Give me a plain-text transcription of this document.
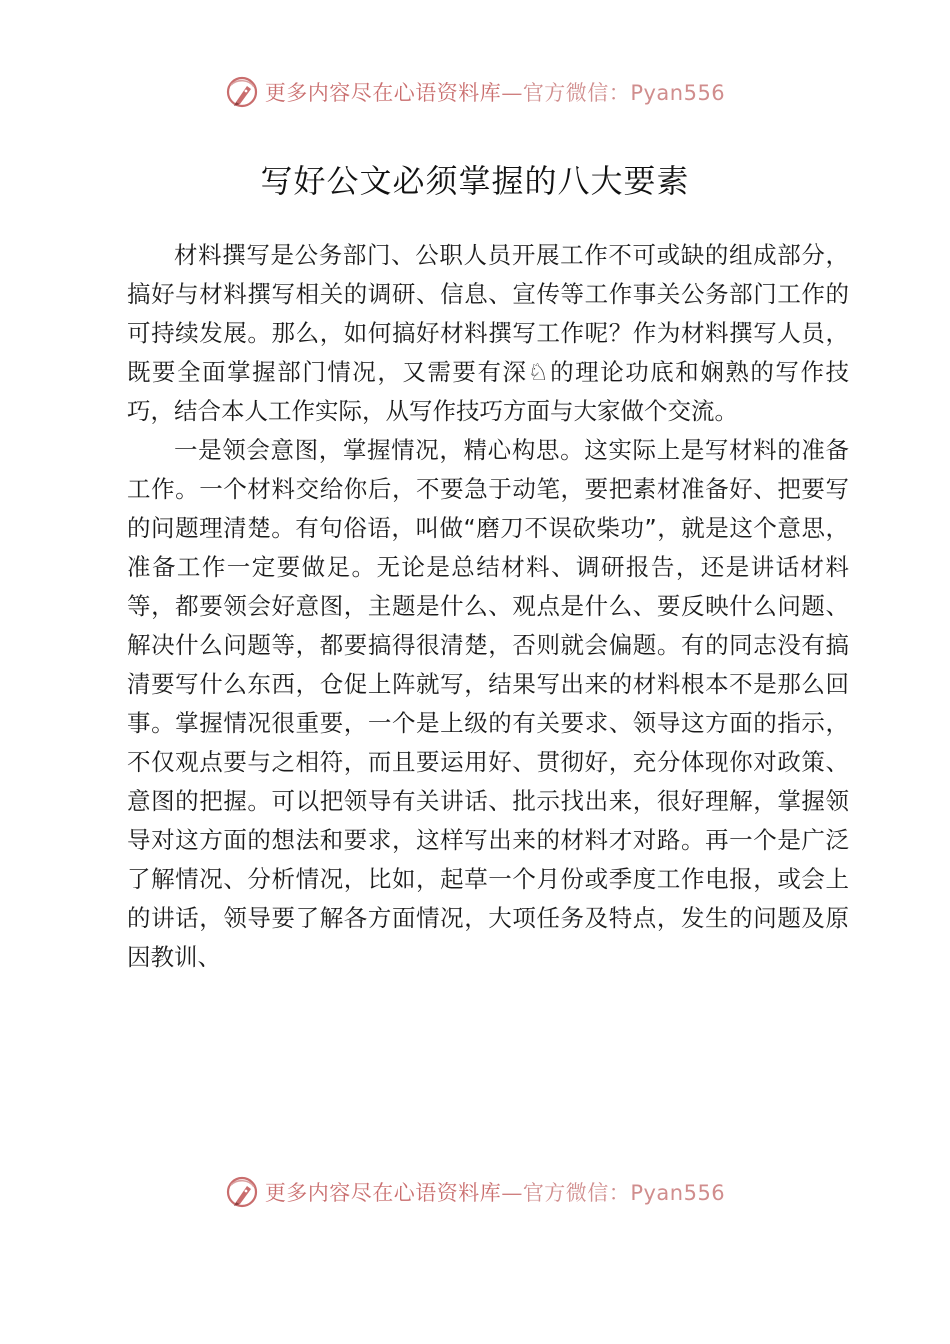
更多内容尽在心语资料库—官方微信：Pyan556
写好公文必须掌握的八大要素

材料撰写是公务部门、公职人员开展工作不可或缺的组成部分，搞好与材料撰写相关的调研、信息、宣传等工作事关公务部门工作的可持续发展。那么，如何搞好材料撰写工作呢？作为材料撰写人员，既要全面掌握部门情况，又需要有深♘的理论功底和娴熟的写作技巧，结合本人工作实际，从写作技巧方面与大家做个交流。

一是领会意图，掌握情况，精心构思。这实际上是写材料的准备工作。一个材料交给你后，不要急于动笔，要把素材准备好、把要写的问题理清楚。有句俗语，叫做“磨刀不误砍柴功”，就是这个意思，准备工作一定要做足。无论是总结材料、调研报告，还是讲话材料等，都要领会好意图，主题是什么、观点是什么、要反映什么问题、解决什么问题等，都要搞得很清楚，否则就会偏题。有的同志没有搞清要写什么东西，仓促上阵就写，结果写出来的材料根本不是那么回事。掌握情况很重要，一个是上级的有关要求、领导这方面的指示，不仅观点要与之相符，而且要运用好、贯彻好，充分体现你对政策、意图的把握。可以把领导有关讲话、批示找出来，很好理解，掌握领导对这方面的想法和要求，这样写出来的材料才对路。再一个是广泛了解情况、分析情况，比如，起草一个月份或季度工作电报，或会上的讲话，领导要了解各方面情况，大项任务及特点，发生的问题及原因教训、

更多内容尽在心语资料库—官方微信：Pyan556
